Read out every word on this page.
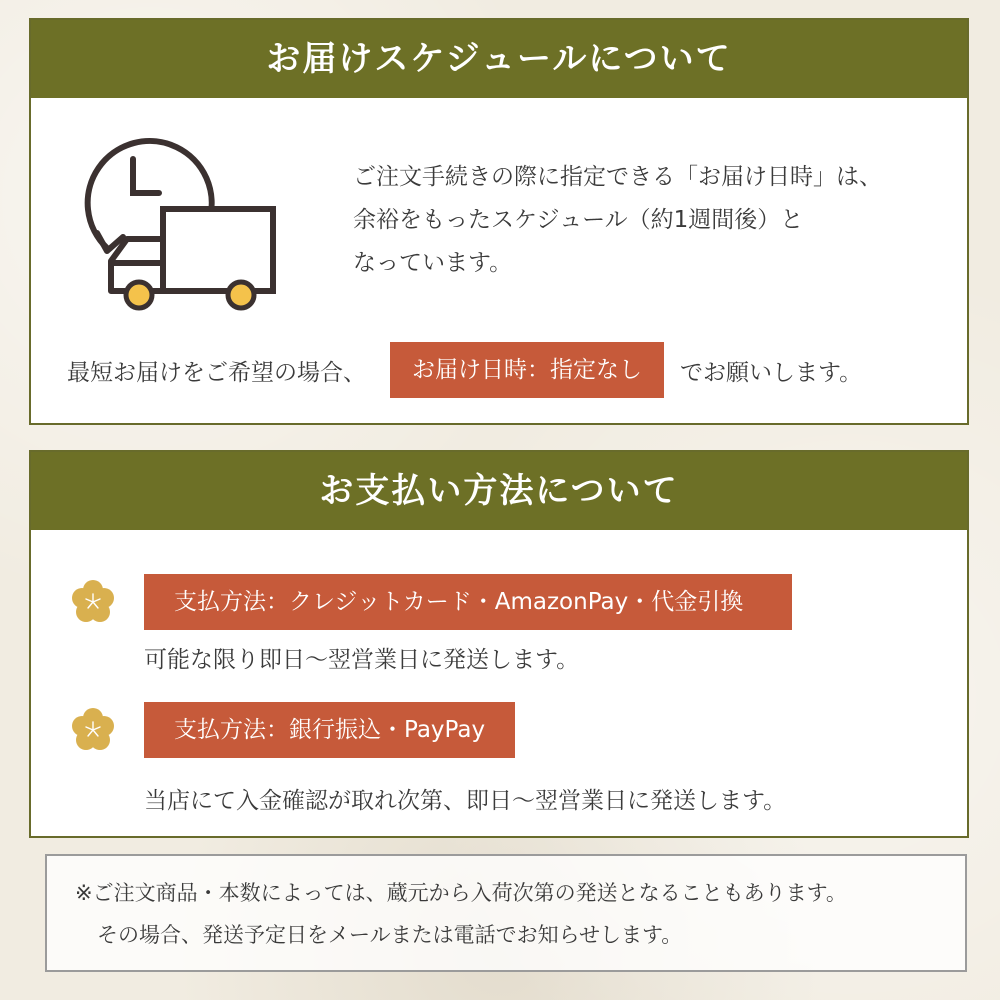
お届けスケジュールについて
ご注文手続きの際に指定できる「お届け日時」は、
余裕をもったスケジュール（約1週間後）と
なっています。
最短お届けをご希望の場合、	お届け日時：指定なし	でお願いします。
お支払い方法について
支払方法：クレジットカード・AmazonPay・代金引換
可能な限り即日〜翌営業日に発送します。
支払方法：銀行振込・PayPay
当店にて入金確認が取れ次第、即日〜翌営業日に発送します。
※ご注文商品・本数によっては、蔵元から入荷次第の発送となることもあります。
その場合、発送予定日をメールまたは電話でお知らせします。
